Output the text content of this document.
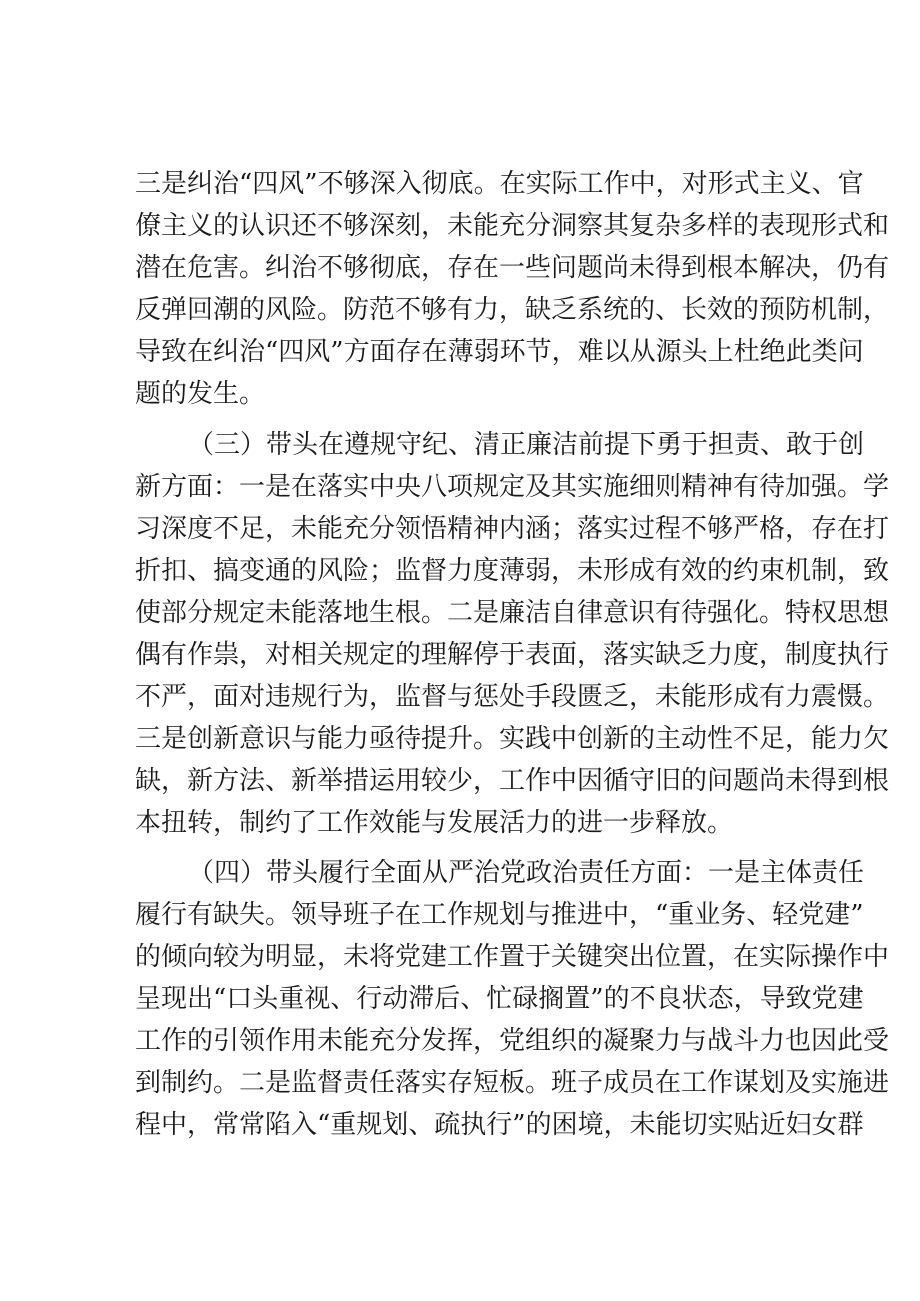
三是纠治“四风”不够深入彻底。在实际工作中，对形式主义、官
僚主义的认识还不够深刻，未能充分洞察其复杂多样的表现形式和
潜在危害。纠治不够彻底，存在一些问题尚未得到根本解决，仍有
反弹回潮的风险。防范不够有力，缺乏系统的、长效的预防机制，
导致在纠治“四风”方面存在薄弱环节，难以从源头上杜绝此类问
题的发生。
（三）带头在遵规守纪、清正廉洁前提下勇于担责、敢于创
新方面：一是在落实中央八项规定及其实施细则精神有待加强。学
习深度不足，未能充分领悟精神内涵；落实过程不够严格，存在打
折扣、搞变通的风险；监督力度薄弱，未形成有效的约束机制，致
使部分规定未能落地生根。二是廉洁自律意识有待强化。特权思想
偶有作祟，对相关规定的理解停于表面，落实缺乏力度，制度执行
不严，面对违规行为，监督与惩处手段匮乏，未能形成有力震慑。
三是创新意识与能力亟待提升。实践中创新的主动性不足，能力欠
缺，新方法、新举措运用较少，工作中因循守旧的问题尚未得到根
本扭转，制约了工作效能与发展活力的进一步释放。
（四）带头履行全面从严治党政治责任方面：一是主体责任
履行有缺失。领导班子在工作规划与推进中，“重业务、轻党建”
的倾向较为明显，未将党建工作置于关键突出位置，在实际操作中
呈现出“口头重视、行动滞后、忙碌搁置”的不良状态，导致党建
工作的引领作用未能充分发挥，党组织的凝聚力与战斗力也因此受
到制约。二是监督责任落实存短板。班子成员在工作谋划及实施进
程中，常常陷入“重规划、疏执行”的困境，未能切实贴近妇女群
